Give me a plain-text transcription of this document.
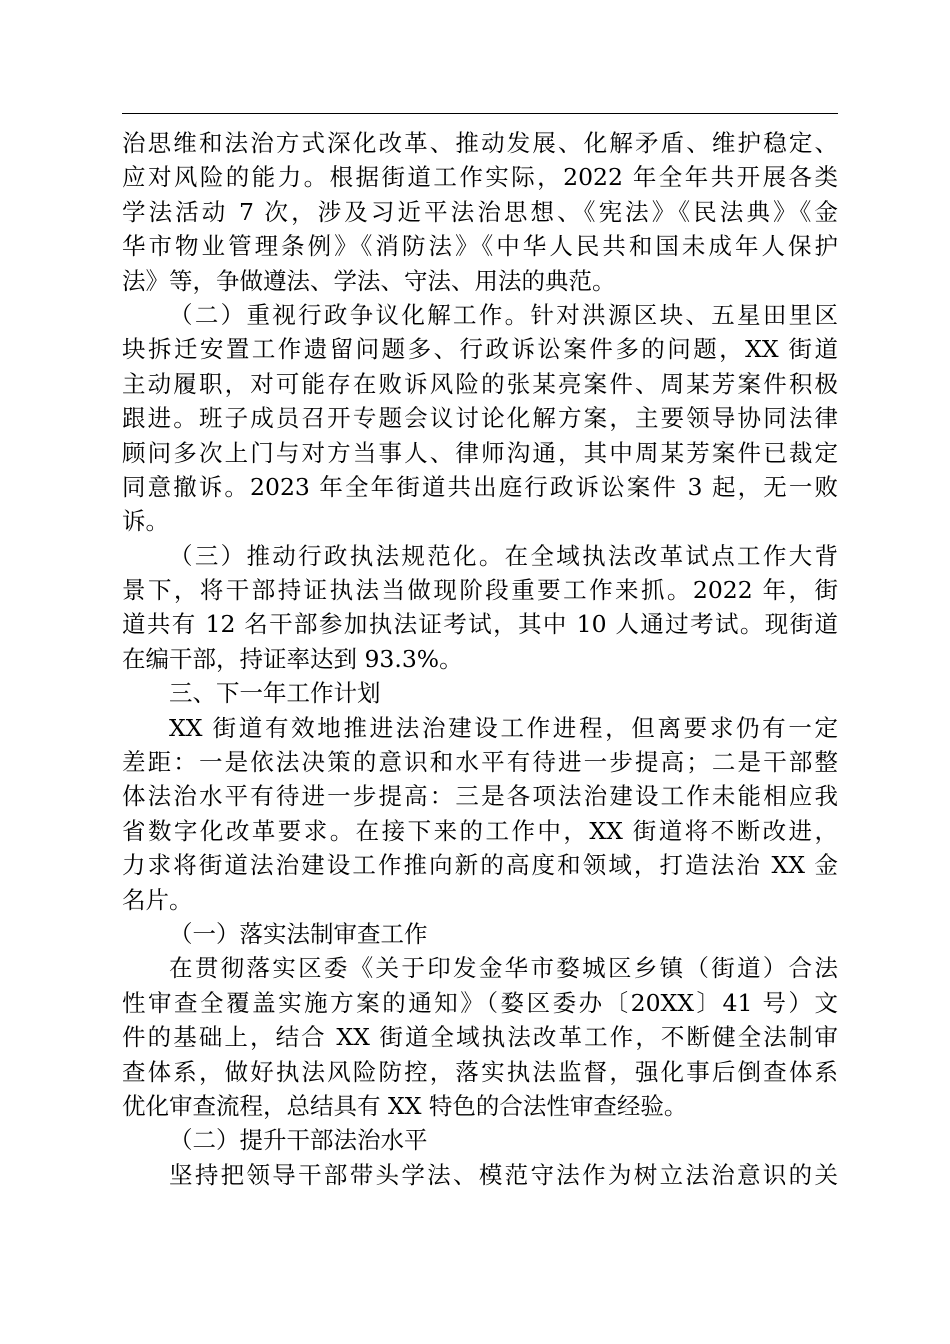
治思维和法治方式深化改革、推动发展、化解矛盾、维护稳定、
应对风险的能力。根据街道工作实际，2022 年全年共开展各类
学法活动 7 次，涉及习近平法治思想、《宪法》《民法典》《金
华市物业管理条例》《消防法》《中华人民共和国未成年人保护
法》等，争做遵法、学法、守法、用法的典范。
（二）重视行政争议化解工作。针对洪源区块、五星田里区
块拆迁安置工作遗留问题多、行政诉讼案件多的问题，XX 街道
主动履职，对可能存在败诉风险的张某亮案件、周某芳案件积极
跟进。班子成员召开专题会议讨论化解方案，主要领导协同法律
顾问多次上门与对方当事人、律师沟通，其中周某芳案件已裁定
同意撤诉。2023 年全年街道共出庭行政诉讼案件 3 起，无一败
诉。
（三）推动行政执法规范化。在全域执法改革试点工作大背
景下，将干部持证执法当做现阶段重要工作来抓。2022 年，街
道共有 12 名干部参加执法证考试，其中 10 人通过考试。现街道
在编干部，持证率达到 93.3%。
三、下一年工作计划
XX 街道有效地推进法治建设工作进程，但离要求仍有一定
差距：一是依法决策的意识和水平有待进一步提高；二是干部整
体法治水平有待进一步提高：三是各项法治建设工作未能相应我
省数字化改革要求。在接下来的工作中，XX 街道将不断改进，
力求将街道法治建设工作推向新的高度和领域，打造法治 XX 金
名片。
（一）落实法制审查工作
在贯彻落实区委《关于印发金华市婺城区乡镇（街道）合法
性审查全覆盖实施方案的通知》（婺区委办〔20XX〕41 号）文
件的基础上，结合 XX 街道全域执法改革工作，不断健全法制审
查体系，做好执法风险防控，落实执法监督，强化事后倒查体系
优化审查流程，总结具有 XX 特色的合法性审查经验。
（二）提升干部法治水平
坚持把领导干部带头学法、模范守法作为树立法治意识的关
